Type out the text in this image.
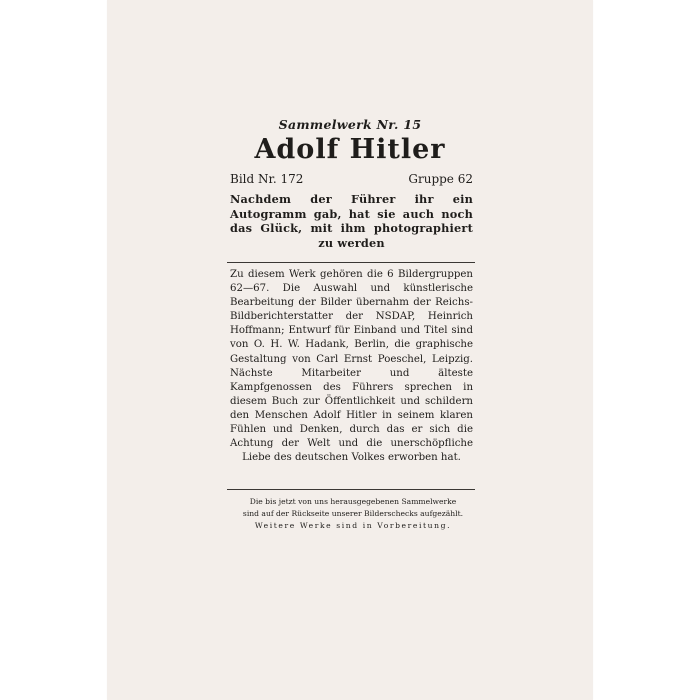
Sammelwerk Nr. 15
Adolf Hitler
Bild Nr. 172	Gruppe 62
Nachdem der Führer ihr ein Autogramm gab, hat sie auch noch das Glück, mit ihm photographiert zu werden
Zu diesem Werk gehören die 6 Bildergruppen 62—67. Die Auswahl und künstlerische Bearbeitung der Bilder übernahm der Reichs-Bildberichterstatter der NSDAP, Heinrich Hoffmann; Entwurf für Einband und Titel sind von O. H. W. Hadank, Berlin, die graphische Gestaltung von Carl Ernst Poeschel, Leipzig. Nächste Mitarbeiter und älteste Kampfgenossen des Führers sprechen in diesem Buch zur Öffentlichkeit und schildern den Menschen Adolf Hitler in seinem klaren Fühlen und Denken, durch das er sich die Achtung der Welt und die unerschöpfliche Liebe des deutschen Volkes erworben hat.
Die bis jetzt von uns herausgegebenen Sammelwerke
sind auf der Rückseite unserer Bilderschecks aufgezählt.
Weitere Werke sind in Vorbereitung.
